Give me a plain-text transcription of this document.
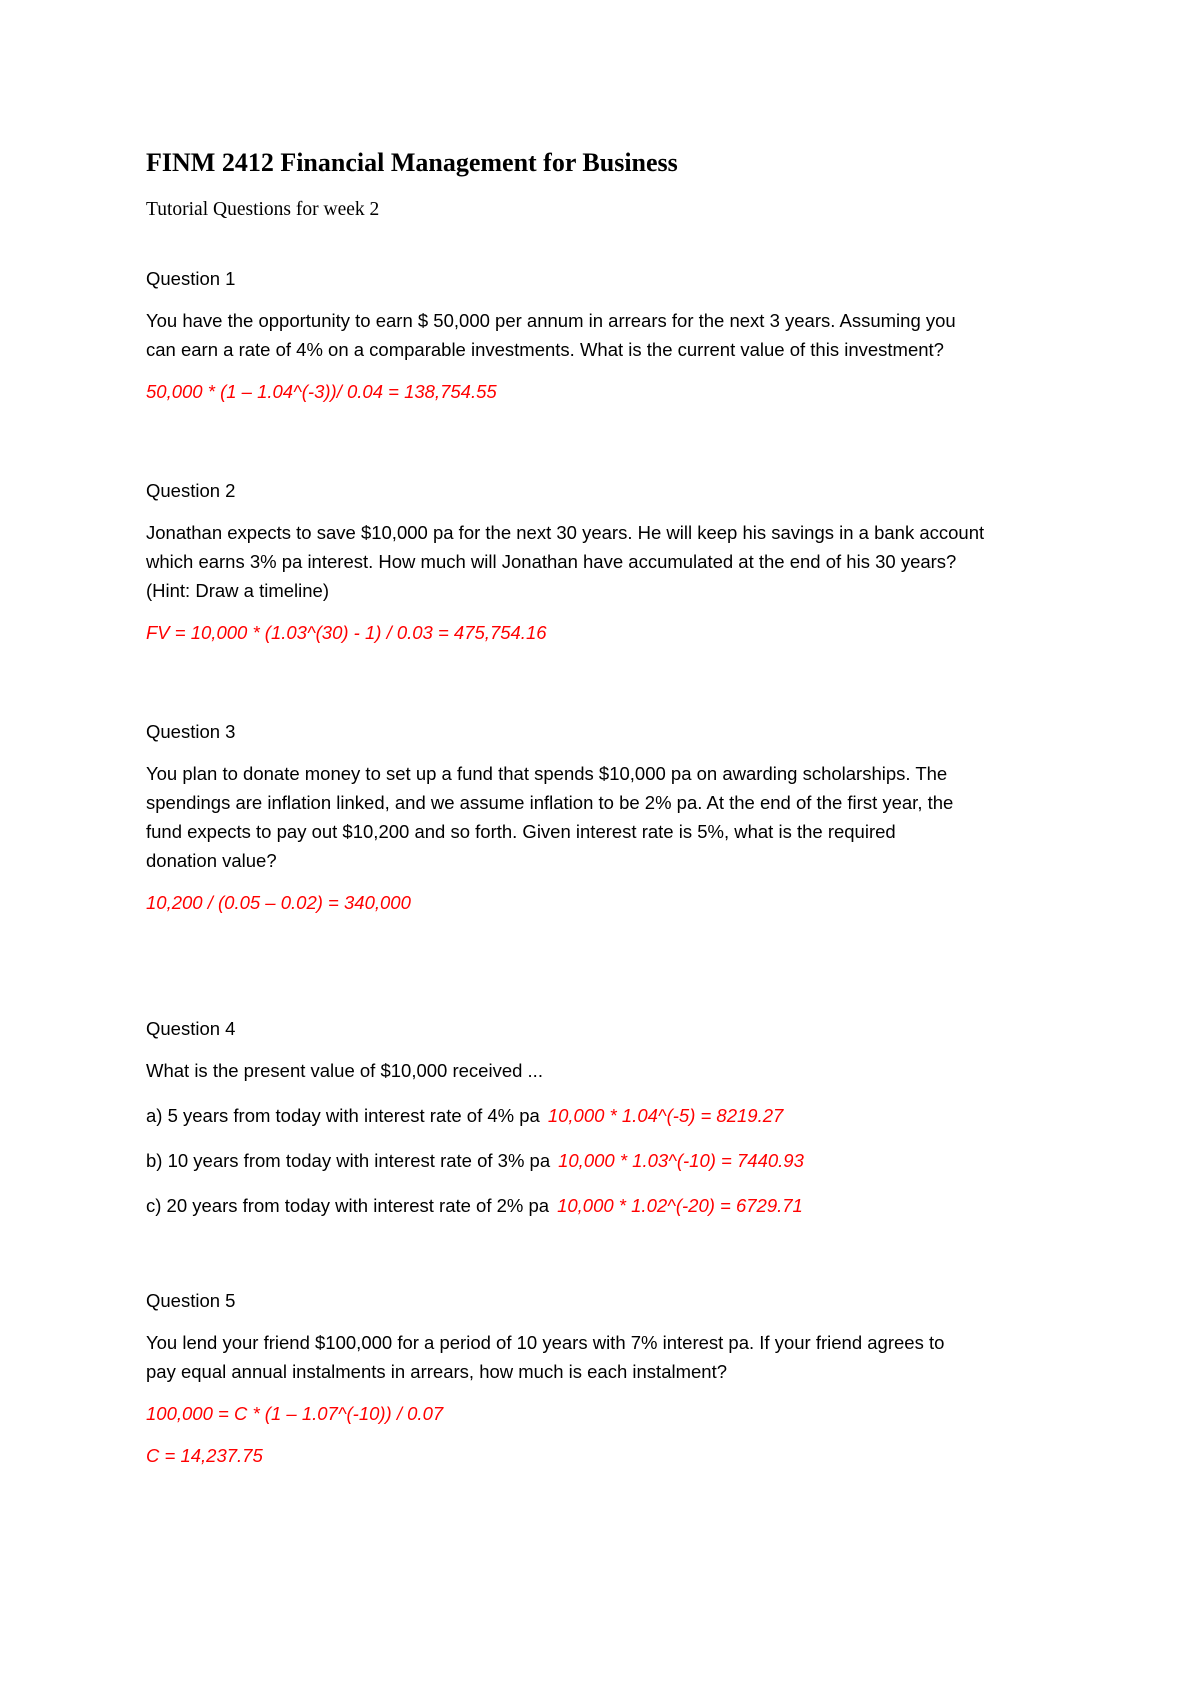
FINM 2412 Financial Management for Business

Tutorial Questions for week 2

Question 1

You have the opportunity to earn $ 50,000 per annum in arrears for the next 3 years. Assuming you

can earn a rate of 4% on a comparable investments. What is the current value of this investment?

50,000 * (1 – 1.04^(-3))/ 0.04 = 138,754.55

Question 2

Jonathan expects to save $10,000 pa for the next 30 years. He will keep his savings in a bank account

which earns 3% pa interest. How much will Jonathan have accumulated at the end of his 30 years?

(Hint: Draw a timeline)

FV = 10,000 * (1.03^(30) - 1) / 0.03 = 475,754.16

Question 3

You plan to donate money to set up a fund that spends $10,000 pa on awarding scholarships. The

spendings are inflation linked, and we assume inflation to be 2% pa. At the end of the first year, the

fund expects to pay out $10,200 and so forth. Given interest rate is 5%, what is the required

donation value?

10,200 / (0.05 – 0.02) = 340,000

Question 4

What is the present value of $10,000 received ...

a) 5 years from today with interest rate of 4% pa 10,000 * 1.04^(-5) = 8219.27

b) 10 years from today with interest rate of 3% pa 10,000 * 1.03^(-10) = 7440.93

c) 20 years from today with interest rate of 2% pa 10,000 * 1.02^(-20) = 6729.71

Question 5

You lend your friend $100,000 for a period of 10 years with 7% interest pa. If your friend agrees to

pay equal annual instalments in arrears, how much is each instalment?

100,000 = C * (1 – 1.07^(-10)) / 0.07

C = 14,237.75
